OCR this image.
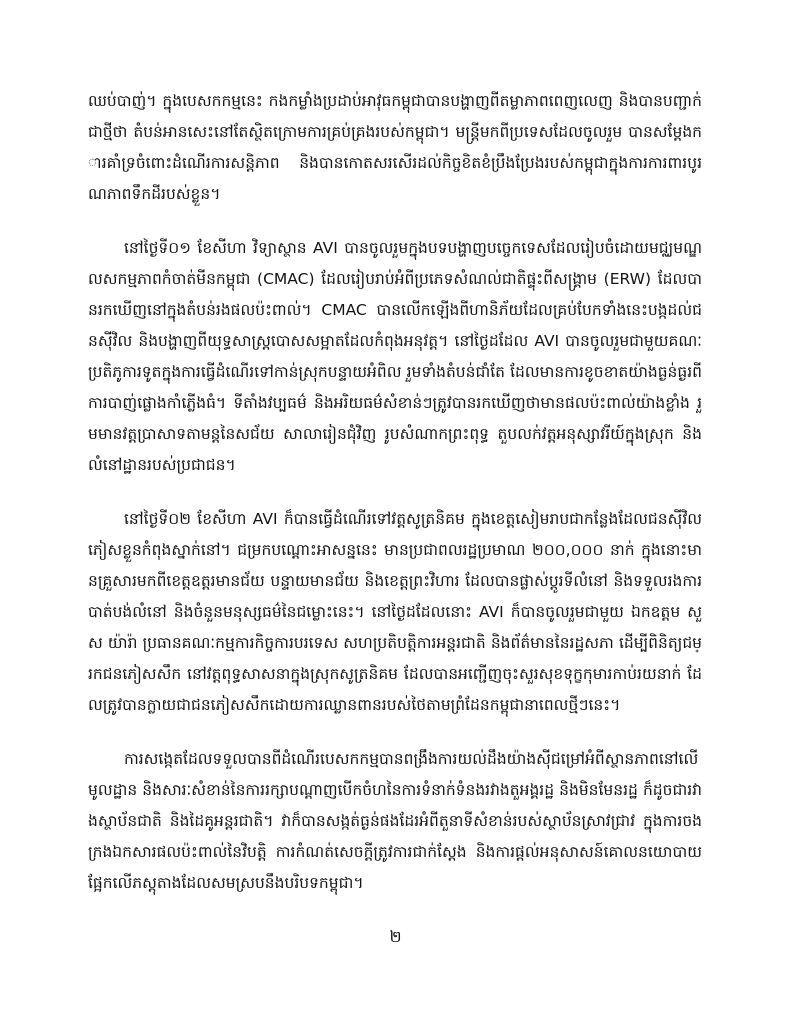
ឈប់បាញ់។ ក្នុងបេសកកម្មនេះ កងកម្លាំងប្រដាប់អាវុធកម្ពុជាបានបង្ហាញពីតម្លាភាពពេញលេញ និងបានបញ្ជាក់ជាថ្មីថា តំបន់អានសេះនៅតែស្ថិតក្រោមការគ្រប់គ្រងរបស់កម្ពុជា។ មន្ត្រីមកពីប្រទេសដែលចូលរួម បានសម្តែងការគាំទ្រចំពោះដំណើរការសន្តិភាព និងបានកោតសរសើរដល់កិច្ចខិតខំប្រឹងប្រែងរបស់កម្ពុជាក្នុងការការពារបូរណភាពទឹកដីរបស់ខ្លួន។

នៅថ្ងៃទី០១ ខែសីហា វិទ្យាស្ថាន AVI បានចូលរួមក្នុងបទបង្ហាញបច្ចេកទេសដែលរៀបចំដោយមជ្ឈមណ្ឌលសកម្មភាពកំចាត់មីនកម្ពុជា (CMAC) ដែលរៀបរាប់អំពីប្រភេទសំណល់ជាតិផ្ទុះពីសង្គ្រាម (ERW) ដែលបានរកឃើញនៅក្នុងតំបន់រងផលប៉ះពាល់។ CMAC បានលើកឡើងពីហានិភ័យដែលគ្រប់បែកទាំងនេះបង្កដល់ជនស៊ីវិល និងបង្ហាញពីយុទ្ធសាស្ត្របោសសម្អាតដែលកំពុងអនុវត្ត។ នៅថ្ងៃដដែល AVI បានចូលរួមជាមួយគណៈប្រតិភូការទូតក្នុងការធ្វើដំណើរទៅកាន់ស្រុកបន្ទាយអំពិល រួមទាំងតំបន់ជាំតែ ដែលមានការខូចខាតយ៉ាងធ្ងន់ធ្ងរពីការបាញ់ផ្លោងកាំភ្លើងធំ។ ទីតាំងវប្បធម៌ និងអរិយធម៌សំខាន់ៗត្រូវបានរកឃើញថាមានផលប៉ះពាល់យ៉ាងខ្លាំង រួមមានវត្តប្រាសាទតាមន្តនៃសជ័យ សាលារៀនជុំវិញ រូបសំណាកព្រះពុទ្ធ តួបលក់វត្តអនុស្សាវរីយ៍ក្នុងស្រុក និងលំនៅដ្ឋានរបស់ប្រជាជន។

នៅថ្ងៃទី០២ ខែសីហា AVI ក៏បានធ្វើដំណើរទៅវត្តសូត្រនិគម ក្នុងខេត្តសៀមរាបជាកន្លែងដែលជនស៊ីវិលភៀសខ្លួនកំពុងស្នាក់នៅ។ ជម្រកបណ្តោះអាសន្ននេះ មានប្រជាពលរដ្ឋប្រមាណ ២០០,០០០ នាក់ ក្នុងនោះមានគ្រួសារមកពីខេត្តឧត្តរមានជ័យ បន្ទាយមានជ័យ និងខេត្តព្រះវិហារ ដែលបានផ្លាស់ប្តូរទីលំនៅ និងទទួលរងការបាត់បង់លំនៅ និងចំនួនមនុស្សធម៌នៃជម្លោះនេះ។ នៅថ្ងៃដដែលនោះ AVI ក៏បានចូលរួមជាមួយ ឯកឧត្តម សួស យ៉ារ៉ា ប្រធានគណៈកម្មការកិច្ចការបរទេស សហប្រតិបត្តិការអន្តរជាតិ និងព័ត៌មាននៃរដ្ឋសភា ដើម្បីពិនិត្យជម្រកជនភៀសសឹក នៅវត្តពុទ្ធសាសនាក្នុងស្រុកសូត្រនិគម ដែលបានអញ្ជើញចុះសួរសុខទុក្ខកុមារកាប់រយនាក់ ដែលត្រូវបានក្លាយជាជនភៀសសឹកដោយការឈ្លានពានរបស់ថៃតាមព្រំដែនកម្ពុជានាពេលថ្មីៗនេះ។

ការសង្កេតដែលទទួលបានពីដំណើរបេសកកម្មបានពង្រឹងការយល់ដឹងយ៉ាងស៊ីជម្រៅអំពីស្ថានភាពនៅលើមូលដ្ឋាន និងសារៈសំខាន់នៃការរក្សាបណ្តាញបើកចំហនៃការទំនាក់ទំនងរវាងតួអង្គរដ្ឋ និងមិនមែនរដ្ឋ ក៏ដូចជារវាងស្ថាប័នជាតិ និងដៃគូអន្តរជាតិ។ វាក៏បានសង្កត់ធ្ងន់ផងដែរអំពីតួនាទីសំខាន់របស់ស្ថាប័នស្រាវជ្រាវ ក្នុងការចងក្រងឯកសារផលប៉ះពាល់នៃវិបត្តិ ការកំណត់សេចក្តីត្រូវការជាក់ស្តែង និងការផ្តល់អនុសាសន៍គោលនយោបាយផ្អែកលើភស្តុតាងដែលសមស្របនឹងបរិបទកម្ពុជា។

២
